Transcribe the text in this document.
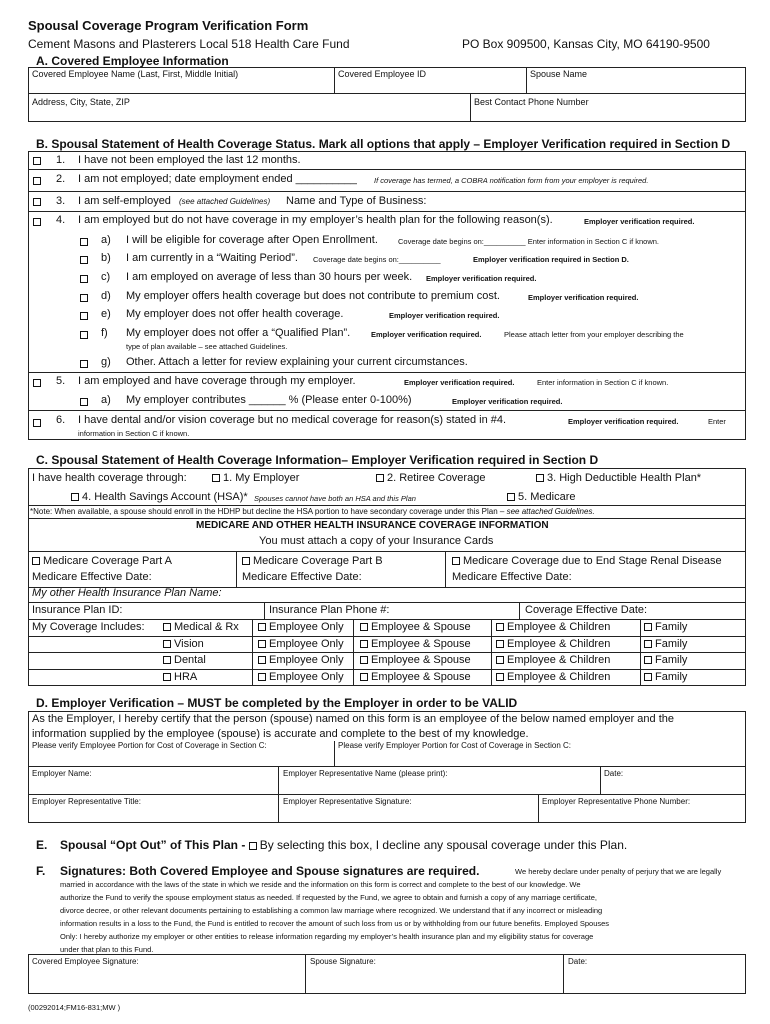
Spousal Coverage Program Verification Form
Cement Masons and Plasterers Local 518 Health Care Fund	PO Box 909500, Kansas City, MO 64190-9500
A. Covered Employee Information
Covered Employee Name (Last, First, Middle Initial)	Covered Employee ID	Spouse Name
Address, City, State, ZIP	Best Contact Phone Number
B. Spousal Statement of Health Coverage Status. Mark all options that apply – Employer Verification required in Section D
1. I have not been employed the last 12 months.
2. I am not employed; date employment ended __________ If coverage has termed, a COBRA notification form from your employer is required.
3. I am self-employed (see attached Guidelines) Name and Type of Business:
4. I am employed but do not have coverage in my employer’s health plan for the following reason(s).	Employer verification required.
a) I will be eligible for coverage after Open Enrollment.	Coverage date begins on:__________ Enter information in Section C if known.
b) I am currently in a “Waiting Period”. Coverage date begins on:__________	Employer verification required in Section D.
c) I am employed on average of less than 30 hours per week. Employer verification required.
d) My employer offers health coverage but does not contribute to premium cost.	Employer verification required.
e) My employer does not offer health coverage.	Employer verification required.
f) My employer does not offer a “Qualified Plan”.	Employer verification required.	Please attach letter from your employer describing the
type of plan available – see attached Guidelines.
g) Other. Attach a letter for review explaining your current circumstances.
5. I am employed and have coverage through my employer.	Employer verification required.	Enter information in Section C if known.
a) My employer contributes ______ % (Please enter 0-100%)	Employer verification required.
6. I have dental and/or vision coverage but no medical coverage for reason(s) stated in #4.	Employer verification required.	Enter
information in Section C if known.
C. Spousal Statement of Health Coverage Information– Employer Verification required in Section D
I have health coverage through:	1. My Employer	2. Retiree Coverage	3. High Deductible Health Plan*
4. Health Savings Account (HSA)* Spouses cannot have both an HSA and this Plan	5. Medicare
*Note: When available, a spouse should enroll in the HDHP but decline the HSA portion to have secondary coverage under this Plan – see attached Guidelines.
MEDICARE AND OTHER HEALTH INSURANCE COVERAGE INFORMATION
You must attach a copy of your Insurance Cards
Medicare Coverage Part A
Medicare Effective Date:
Medicare Coverage Part B
Medicare Effective Date:
Medicare Coverage due to End Stage Renal Disease
Medicare Effective Date:
My other Health Insurance Plan Name:
Insurance Plan ID:	Insurance Plan Phone #:	Coverage Effective Date:
My Coverage Includes:	Medical & Rx	Employee Only	Employee & Spouse	Employee & Children	Family
Vision	Employee Only	Employee & Spouse	Employee & Children	Family
Dental	Employee Only	Employee & Spouse	Employee & Children	Family
HRA	Employee Only	Employee & Spouse	Employee & Children	Family
D. Employer Verification – MUST be completed by the Employer in order to be VALID
As the Employer, I hereby certify that the person (spouse) named on this form is an employee of the below named employer and the
information supplied by the employee (spouse) is accurate and complete to the best of my knowledge.
Please verify Employee Portion for Cost of Coverage in Section C:	Please verify Employer Portion for Cost of Coverage in Section C:
Employer Name:	Employer Representative Name (please print):	Date:
Employer Representative Title:	Employer Representative Signature:	Employer Representative Phone Number:
E. Spousal “Opt Out” of This Plan - By selecting this box, I decline any spousal coverage under this Plan.
F. Signatures: Both Covered Employee and Spouse signatures are required.	We hereby declare under penalty of perjury that we are legally
married in accordance with the laws of the state in which we reside and the information on this form is correct and complete to the best of our knowledge. We
authorize the Fund to verify the spouse employment status as needed. If requested by the Fund, we agree to obtain and furnish a copy of any marriage certificate,
divorce decree, or other relevant documents pertaining to establishing a common law marriage where recognized. We understand that if any incorrect or misleading
information results in a loss to the Fund, the Fund is entitled to recover the amount of such loss from us or by withholding from our future benefits. Employed Spouses
Only: I hereby authorize my employer or other entities to release information regarding my employer’s health insurance plan and my eligibility status for coverage
under that plan to this Fund.
Covered Employee Signature:	Spouse Signature:	Date:
(00292014;FM16-831;MW )
